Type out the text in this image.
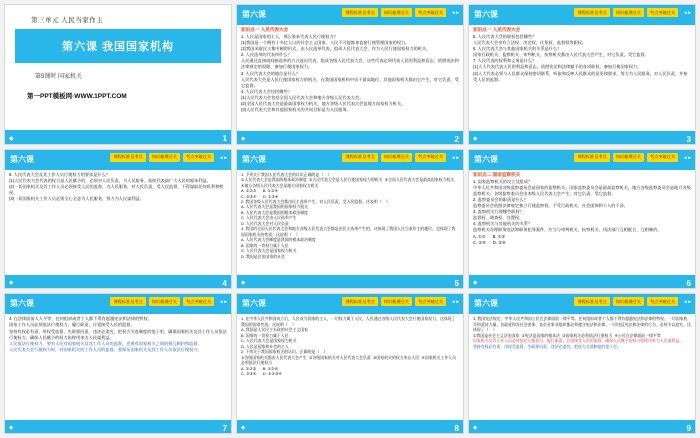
第三单元 人民当家作主
第六课 我国国家机构
第5课时 国家机关
第一PPT模板网·WWW.1PPT.COM
◆	1
第六课	课程标准及考点	知识梳理过关	考点突破过关	◄►
知识点一 人民代表大会
1. 人民是国家的主人，那么谁来代表人民行使权力？
(1)我国是一个拥有十多亿人口的社会主义国家，人民不可能都来直接行使管理国家的权力。
(2)我国采取民主集中制的形式，由人民选举代表，组成人民代表大会，作为人民行使国家权力的机关。
2. 人民选举的代表叫什么？
人民通过直接或间接选举的方式选出代表，组成各级人民代表大会。这些代表必须代表人民的利益和意志，依照宪法和法律规定的权限，参加行使国家权力。
3. 人民代表大会的地位是什么？
人民代表大会是人民行使国家权力的机关，在我国国家机构中居于最高地位，其他国家机关都由它产生、对它负责、受它监督。
4. 人民代表大会包括哪些？
(1)人民代表大会包括全国人民代表大会和地方各级人民代表大会。
(2)全国人民代表大会是最高国家权力机关，地方各级人民代表大会是地方国家权力机关。
(3)人民代表大会和其他国家机关的共同目标是为人民服务。
◆	2
第六课	课程标准及考点	知识梳理过关	考点突破过关	◄►
知识点一 人民代表大会
5. 人民代表大会的职权包括哪些？
人民代表大会享有立法权、决定权、任免权、监督权等职权。
6. 人民代表大会与其他国家机关的关系是什么？
国家行政机关、监察机关、审判机关、检察机关都由人民代表大会产生，对它负责，受它监督。
7. 人民代表的权利和义务是什么？
(1)人大代表代表人民的利益和意志，依照宪法和法律赋予的各项职权，参加行使国家权力。
(2)人大代表必须与人民群众保持密切联系，听取和反映人民群众的意见和要求，努力为人民服务，对人民负责，并接受人民的监督。
◆	3
第六课	课程标准及考点	知识梳理过关	考点突破过关	◄►
8. 人民代表大会及其工作人员行使权力的要求是什么？
(1)人民代表大会代表的权力是人民赋予的，必须对人民负责，为人民服务，始终代表最广大人民的根本利益。
(2)一切国家机关及其工作人员必须接受人民的监督，为人民服务，对人民负责，受人民监督，不得谋取任何私利和特权。
(3)一切国家机关工作人员必须全心全意为人民服务，努力为人民谋利益。
◆	4
第六课	课程标准及考点	知识梳理过关	考点突破过关	◄►
1. 下列关于我国人民代表大会的认识正确的是（    ）
①人民代表大会是我国的根本政治制度  ②人民代表大会是人民行使国家权力的机关  ③全国人民代表大会是最高国家权力机关  ④地方各级人民代表大会是地方国家权力机关
A. ①②③      B. ①②④
C. ②③④      D. ①③④
2. 我国各级人民代表大会都由民主选举产生，对人民负责，受人民监督。这表明（    ）
A. 人民代表大会是我国的国家权力机关
B. 人民代表大会是我国的根本政治制度
C. 人民代表大会由人民选举产生
D. 人民代表大会对人民负责
3. 我国的全国人民代表大会和地方各级人民代表大会都是由民主选举产生的，这体现了我国人民当家作主的地位，也体现了我国国家机关的性质。这说明（    ）
A. 人民代表大会制度是我国的根本政治制度
B. 国家的一切权力属于人民
C. 人民代表大会是国家权力机关
D. 我国是法治国家的社会
◆	5
第六课	课程标准及考点	知识梳理过关	考点突破过关	◄►
知识点二 国家监察机关
1. 国家监察机关的设立及组成？
中华人民共和国各级监察委员会是国家的监察机关。国家监察委员会是最高监察机关，地方各级监察委员会是地方各级监察机关。各级监察委员会由本级人民代表大会产生，对它负责，受它监督。
2. 监察委员会的职责是什么？
监察委员会依照法律规定独立行使监察权，不受行政机关、社会团体和个人的干涉。
3. 监察机关行使哪些职权？
监督权、调查权、处置权。
4. 监察机关与其他机关的关系？
监察机关办理职务违法和职务犯罪案件，应当与审判机关、检察机关、执法部门互相配合，互相制约。
A. ①②      B. ①③
C. ②④      D. ③④
◆	6
第六课	课程标准及考点	知识梳理过关	考点突破过关	◄►
4. 在法律面前人人平等，任何组织或者个人都不得有超越宪法和法律的特权。
国家工作人员必须依法行使权力、履行职责，自觉接受人民的监督。
坚持有权必有责、用权受监督、失职要问责、违法必追究，把权力关进制度的笼子里，确保国家机关及其工作人员依法行使权力，确保人民赋予的权力始终用来为人民谋利益。
人民依法行使权力，要有人民对国家机关及其工作人员的监督，也要有国家机关之间的相互制约和监督。
人民代表大会行使权力时，对国家机关的工作人员的监督，要保证国家机关及其工作人员依法行使权力。
◆	7
第六课	课程标准及考点	知识梳理过关	考点突破过关	◄►
1. 在中华人民共和国成立后，人民成为国家的主人，一切权力属于人民，人民通过各级人民代表大会行使国家权力，这体现了我国的国家性质。这说明（    ）
A. 我国是人民民主专政的社会主义国家
B. 国家的一切权力属于人民
C. 人民代表大会是国家权力机关
D. 人民是国家和社会的主人
2. 下列关于我国国家机关的认识，正确的是（    ）
①各级国家机关都由人民代表大会产生  ②各级国家机关对人民代表大会负责  ③国家机关的权力来自人民  ④国家机关工作人员必须依法行使权力
A. ①②③      B. ①②④
C. ②③④      D. ①②③④
◆	8
第六课	课程标准及考点	知识梳理过关	考点突破过关	◄►
3. 我国宪法规定，中华人民共和国公民在法律面前一律平等。任何组织或者个人都不得有超越宪法和法律的特权。一切国家机关和武装力量、各政党和各社会团体、各企业事业组织都必须遵守宪法和法律。一切违反宪法和法律的行为，必须予以追究。这体现了（    ）
①我国是社会主义法治国家  ②宪法是国家的根本法  ③国家机关必须依法行使权力  ④公民在法律面前一律平等
国家机关及其工作人员必须依法行使权力、履行职责，自觉接受人民的监督，确保人民赋予的权力始终用来为人民谋利益。
坚持有权必有责、用权受监督、失职要问责、违法必追究，把权力关进制度的笼子里。
◆	9
